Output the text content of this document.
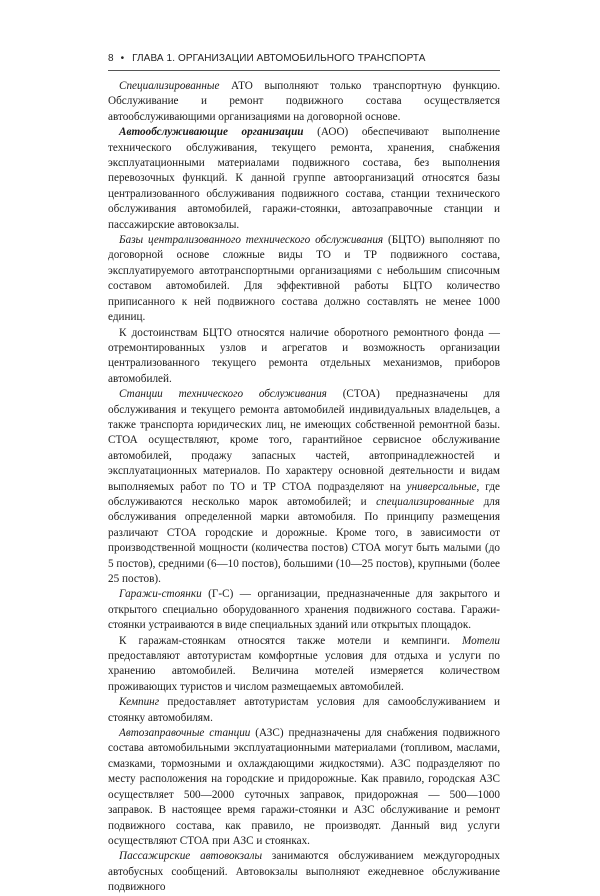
8 • ГЛАВА 1. ОРГАНИЗАЦИИ АВТОМОБИЛЬНОГО ТРАНСПОРТА

Специализированные АТО выполняют только транспортную функцию. Обслуживание и ремонт подвижного состава осуществляется автообслуживающими организациями на договорной основе.

Автообслуживающие организации (АОО) обеспечивают выполнение технического обслуживания, текущего ремонта, хранения, снабжения эксплуатационными материалами подвижного состава, без выполнения перевозочных функций. К данной группе автоорганизаций относятся базы централизованного обслуживания подвижного состава, станции технического обслуживания автомобилей, гаражи-стоянки, автозаправочные станции и пассажирские автовокзалы.

Базы централизованного технического обслуживания (БЦТО) выполняют по договорной основе сложные виды ТО и ТР подвижного состава, эксплуатируемого автотранспортными организациями с небольшим списочным составом автомобилей. Для эффективной работы БЦТО количество приписанного к ней подвижного состава должно составлять не менее 1000 единиц.

К достоинствам БЦТО относятся наличие оборотного ремонтного фонда — отремонтированных узлов и агрегатов и возможность организации централизованного текущего ремонта отдельных механизмов, приборов автомобилей.

Станции технического обслуживания (СТОА) предназначены для обслуживания и текущего ремонта автомобилей индивидуальных владельцев, а также транспорта юридических лиц, не имеющих собственной ремонтной базы. СТОА осуществляют, кроме того, гарантийное сервисное обслуживание автомобилей, продажу запасных частей, автопринадлежностей и эксплуатационных материалов. По характеру основной деятельности и видам выполняемых работ по ТО и ТР СТОА подразделяют на универсальные, где обслуживаются несколько марок автомобилей; и специализированные для обслуживания определенной марки автомобиля. По принципу размещения различают СТОА городские и дорожные. Кроме того, в зависимости от производственной мощности (количества постов) СТОА могут быть малыми (до 5 постов), средними (6—10 постов), большими (10—25 постов), крупными (более 25 постов).

Гаражи-стоянки (Г-С) — организации, предназначенные для закрытого и открытого специально оборудованного хранения подвижного состава. Гаражи-стоянки устраиваются в виде специальных зданий или открытых площадок.

К гаражам-стоянкам относятся также мотели и кемпинги. Мотели предоставляют автотуристам комфортные условия для отдыха и услуги по хранению автомобилей. Величина мотелей измеряется количеством проживающих туристов и числом размещаемых автомобилей.

Кемпинг предоставляет автотуристам условия для самообслуживанием и стоянку автомобилям.

Автозаправочные станции (АЗС) предназначены для снабжения подвижного состава автомобильными эксплуатационными материалами (топливом, маслами, смазками, тормозными и охлаждающими жидкостями). АЗС подразделяют по месту расположения на городские и придорожные. Как правило, городская АЗС осуществляет 500—2000 суточных заправок, придорожная — 500—1000 заправок. В настоящее время гаражи-стоянки и АЗС обслуживание и ремонт подвижного состава, как правило, не производят. Данный вид услуги осуществляют СТОА при АЗС и стоянках.

Пассажирские автовокзалы занимаются обслуживанием междугородных автобусных сообщений. Автовокзалы выполняют ежедневное обслуживание подвижного
